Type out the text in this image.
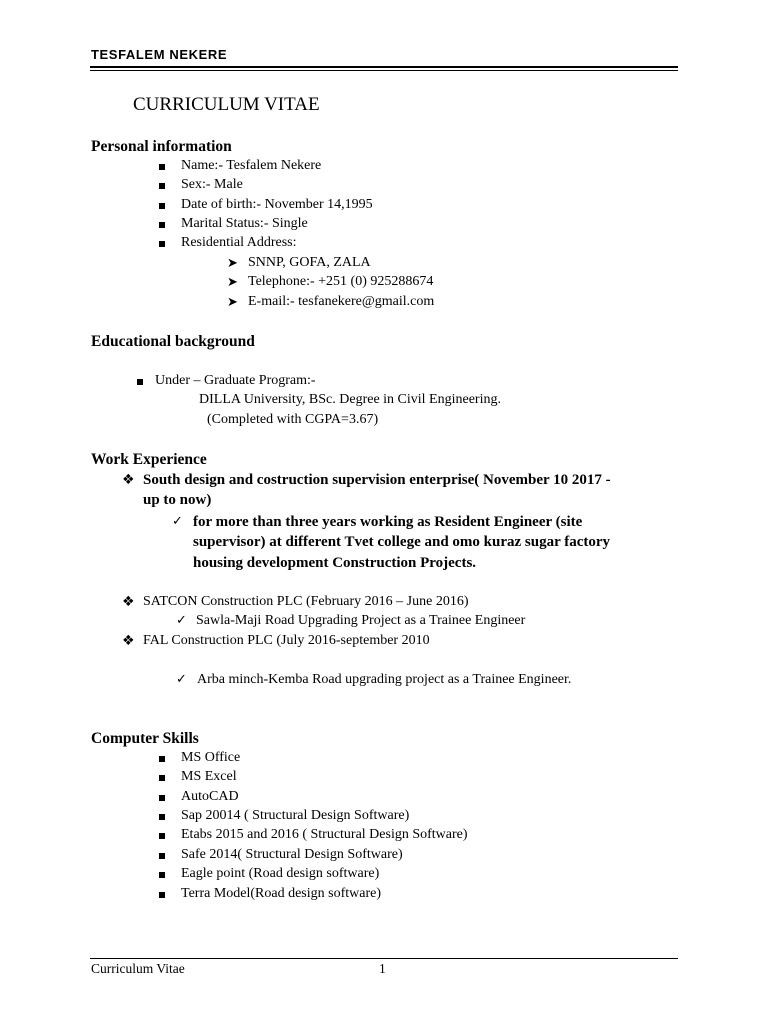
TESFALEM NEKERE
CURRICULUM VITAE
Personal information
Name:- Tesfalem Nekere
Sex:- Male
Date of birth:- November 14,1995
Marital Status:- Single
Residential Address:
➤ SNNP, GOFA, ZALA
➤ Telephone:- +251 (0) 925288674
➤ E-mail:- tesfanekere@gmail.com
Educational background
Under – Graduate Program:-
DILLA University, BSc. Degree in Civil Engineering.
(Completed with CGPA=3.67)
Work Experience
❖ South design and costruction supervision enterprise( November 10 2017 -
up to now)
✓ for more than three years working as Resident Engineer (site
supervisor) at different Tvet college and omo kuraz sugar factory
housing development Construction Projects.
❖ SATCON Construction PLC (February 2016 – June 2016)
✓ Sawla-Maji Road Upgrading Project as a Trainee Engineer
❖ FAL Construction PLC (July 2016-september 2010
✓ Arba minch-Kemba Road upgrading project as a Trainee Engineer.
Computer Skills
MS Office
MS Excel
AutoCAD
Sap 20014 ( Structural Design Software)
Etabs 2015 and 2016 ( Structural Design Software)
Safe 2014( Structural Design Software)
Eagle point (Road design software)
Terra Model(Road design software)
Curriculum Vitae	1
